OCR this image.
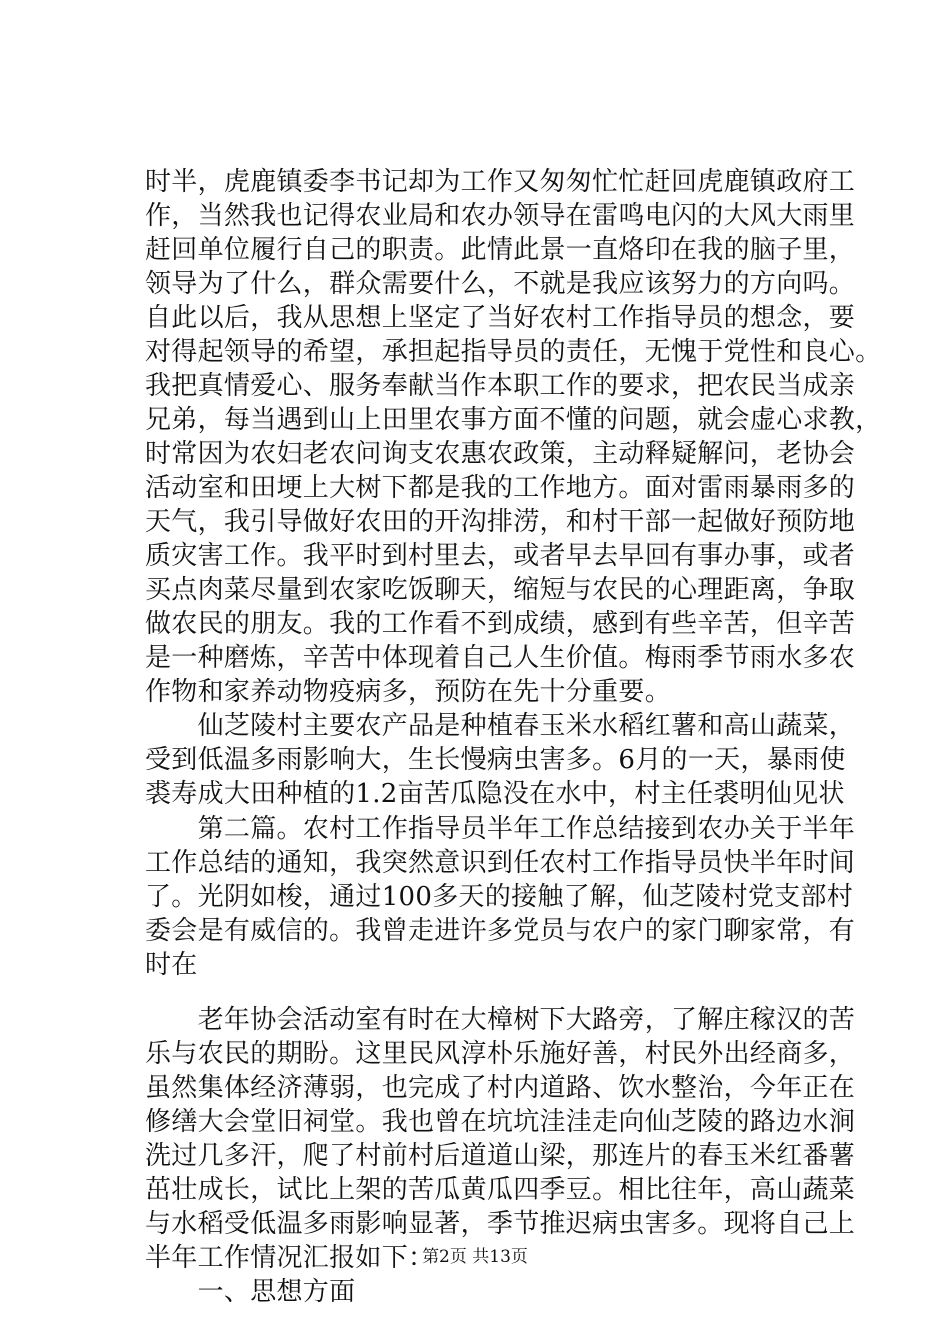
时半，虎鹿镇委李书记却为工作又匆匆忙忙赶回虎鹿镇政府工
作，当然我也记得农业局和农办领导在雷鸣电闪的大风大雨里
赶回单位履行自己的职责。此情此景一直烙印在我的脑子里，
领导为了什么，群众需要什么，不就是我应该努力的方向吗。
自此以后，我从思想上坚定了当好农村工作指导员的想念，要
对得起领导的希望，承担起指导员的责任，无愧于党性和良心。
我把真情爱心、服务奉献当作本职工作的要求，把农民当成亲
兄弟，每当遇到山上田里农事方面不懂的问题，就会虚心求教，
时常因为农妇老农问询支农惠农政策，主动释疑解问，老协会
活动室和田埂上大树下都是我的工作地方。面对雷雨暴雨多的
天气，我引导做好农田的开沟排涝，和村干部一起做好预防地
质灾害工作。我平时到村里去，或者早去早回有事办事，或者
买点肉菜尽量到农家吃饭聊天，缩短与农民的心理距离，争取
做农民的朋友。我的工作看不到成绩，感到有些辛苦，但辛苦
是一种磨炼，辛苦中体现着自己人生价值。梅雨季节雨水多农
作物和家养动物疫病多，预防在先十分重要。
　　仙芝陵村主要农产品是种植春玉米水稻红薯和高山蔬菜，
受到低温多雨影响大，生长慢病虫害多。6月的一天，暴雨使
裘寿成大田种植的1.2亩苦瓜隐没在水中，村主任裘明仙见状
　　第二篇。农村工作指导员半年工作总结接到农办关于半年
工作总结的通知，我突然意识到任农村工作指导员快半年时间
了。光阴如梭，通过100多天的接触了解，仙芝陵村党支部村
委会是有威信的。我曾走进许多党员与农户的家门聊家常，有
时在
　　老年协会活动室有时在大樟树下大路旁，了解庄稼汉的苦
乐与农民的期盼。这里民风淳朴乐施好善，村民外出经商多，
虽然集体经济薄弱，也完成了村内道路、饮水整治，今年正在
修缮大会堂旧祠堂。我也曾在坑坑洼洼走向仙芝陵的路边水涧
洗过几多汗，爬了村前村后道道山梁，那连片的春玉米红番薯
茁壮成长，试比上架的苦瓜黄瓜四季豆。相比往年，高山蔬菜
与水稻受低温多雨影响显著，季节推迟病虫害多。现将自己上
半年工作情况汇报如下：
　　一、思想方面
第2页 共13页
